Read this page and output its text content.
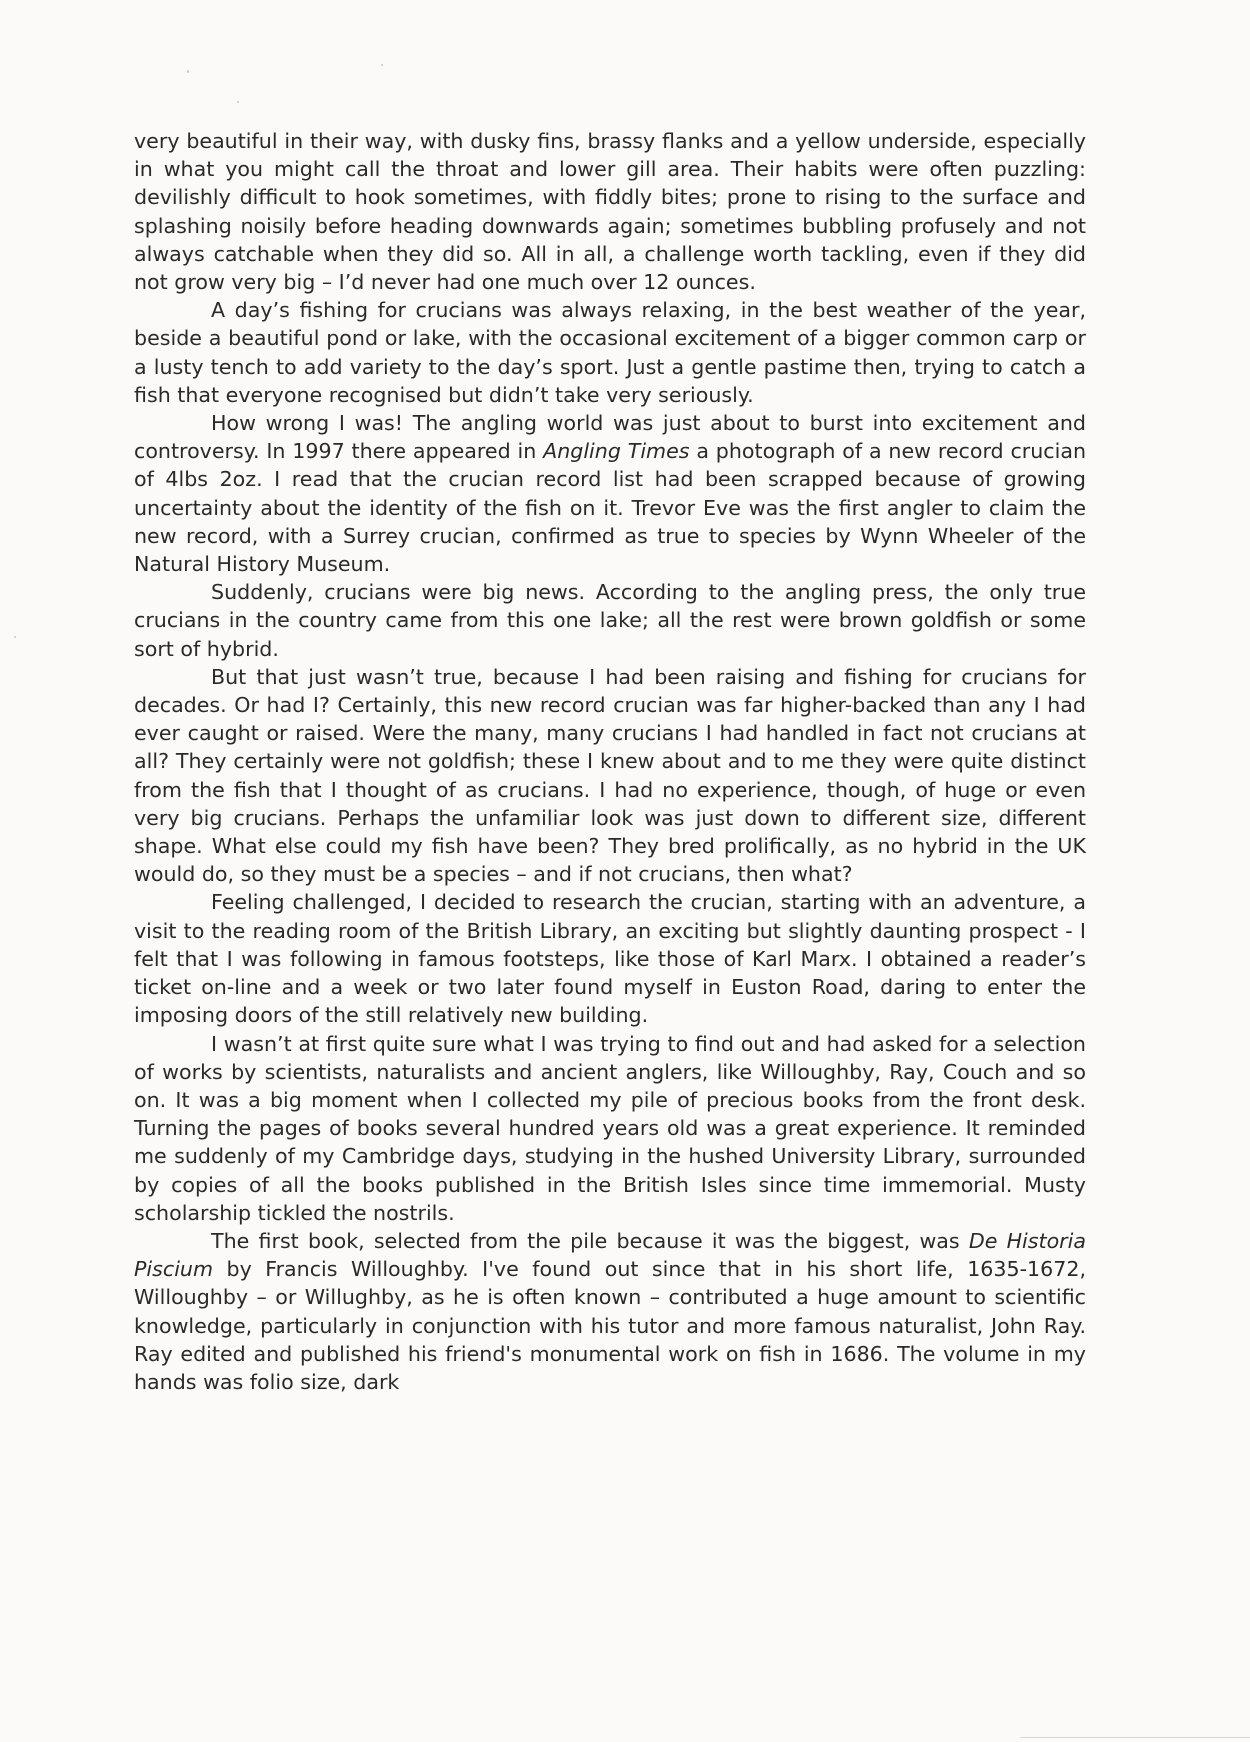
very beautiful in their way, with dusky fins, brassy flanks and a yellow underside, especially in what you might call the throat and lower gill area. Their habits were often puzzling: devilishly difficult to hook sometimes, with fiddly bites; prone to rising to the surface and splashing noisily before heading downwards again; sometimes bubbling profusely and not always catchable when they did so. All in all, a challenge worth tackling, even if they did not grow very big – I’d never had one much over 12 ounces.

A day’s fishing for crucians was always relaxing, in the best weather of the year, beside a beautiful pond or lake, with the occasional excitement of a bigger common carp or a lusty tench to add variety to the day’s sport. Just a gentle pastime then, trying to catch a fish that everyone recognised but didn’t take very seriously.

How wrong I was! The angling world was just about to burst into excitement and controversy. In 1997 there appeared in Angling Times a photograph of a new record crucian of 4lbs 2oz. I read that the crucian record list had been scrapped because of growing uncertainty about the identity of the fish on it. Trevor Eve was the first angler to claim the new record, with a Surrey crucian, confirmed as true to species by Wynn Wheeler of the Natural History Museum.

Suddenly, crucians were big news. According to the angling press, the only true crucians in the country came from this one lake; all the rest were brown goldfish or some sort of hybrid.

But that just wasn’t true, because I had been raising and fishing for crucians for decades. Or had I? Certainly, this new record crucian was far higher-backed than any I had ever caught or raised. Were the many, many crucians I had handled in fact not crucians at all? They certainly were not goldfish; these I knew about and to me they were quite distinct from the fish that I thought of as crucians. I had no experience, though, of huge or even very big crucians. Perhaps the unfamiliar look was just down to different size, different shape. What else could my fish have been? They bred prolifically, as no hybrid in the UK would do, so they must be a species – and if not crucians, then what?

Feeling challenged, I decided to research the crucian, starting with an adventure, a visit to the reading room of the British Library, an exciting but slightly daunting prospect - I felt that I was following in famous footsteps, like those of Karl Marx. I obtained a reader’s ticket on-line and a week or two later found myself in Euston Road, daring to enter the imposing doors of the still relatively new building.

I wasn’t at first quite sure what I was trying to find out and had asked for a selection of works by scientists, naturalists and ancient anglers, like Willoughby, Ray, Couch and so on. It was a big moment when I collected my pile of precious books from the front desk. Turning the pages of books several hundred years old was a great experience. It reminded me suddenly of my Cambridge days, studying in the hushed University Library, surrounded by copies of all the books published in the British Isles since time immemorial. Musty scholarship tickled the nostrils.

The first book, selected from the pile because it was the biggest, was De Historia Piscium by Francis Willoughby. I've found out since that in his short life, 1635-1672, Willoughby – or Willughby, as he is often known – contributed a huge amount to scientific knowledge, particularly in conjunction with his tutor and more famous naturalist, John Ray. Ray edited and published his friend's monumental work on fish in 1686. The volume in my hands was folio size, dark
